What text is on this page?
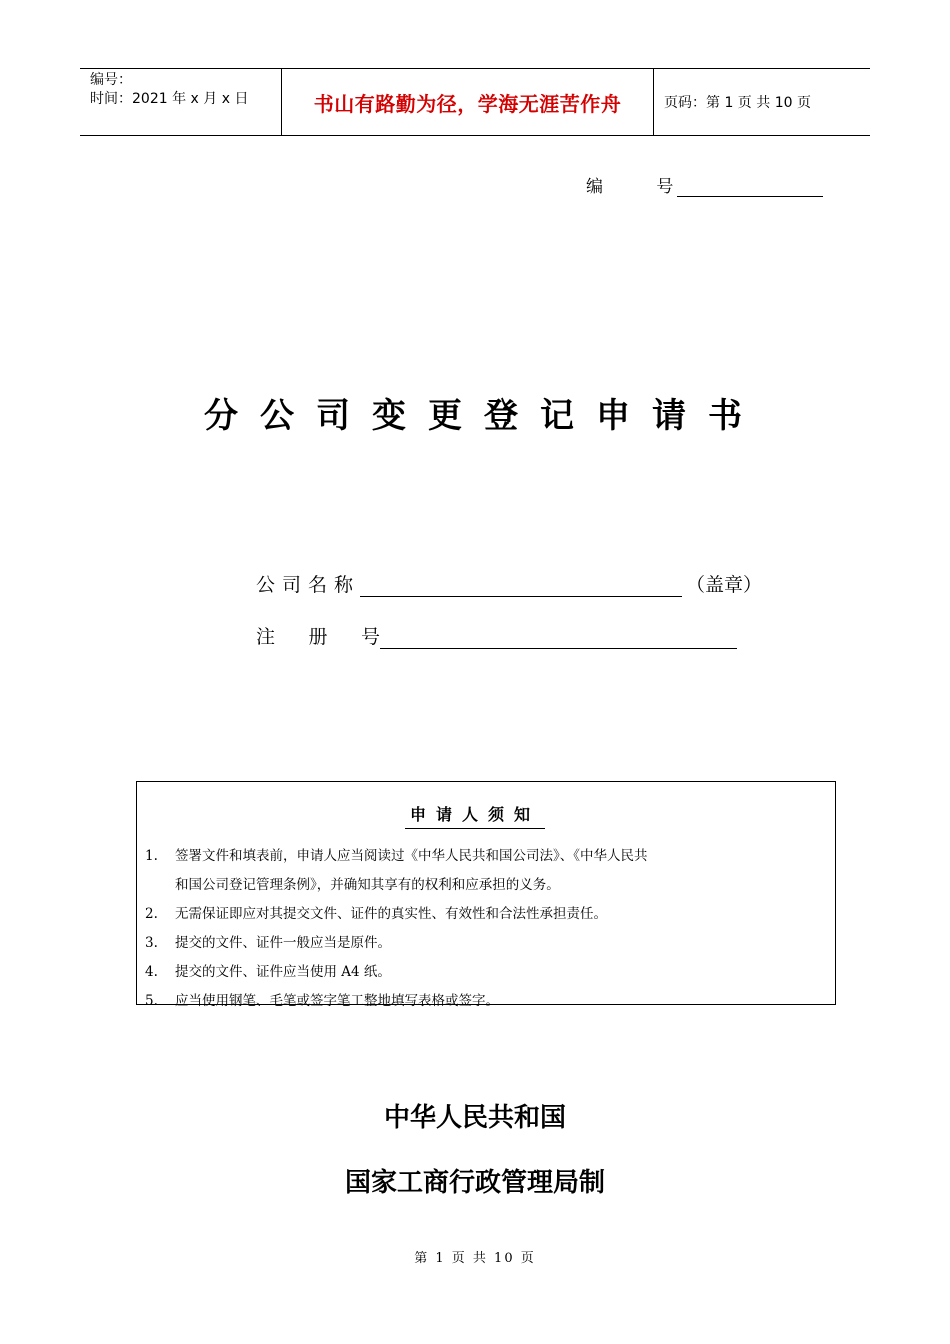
编号：
时间：2021 年 x 月 x 日	书山有路勤为径，学海无涯苦作舟	页码：第 1 页 共 10 页
编 号
分公司变更登记申请书
公司名称	（盖章）
注 册 号
申请人须知
1.	签署文件和填表前，申请人应当阅读过《中华人民共和国公司法》、《中华人民共
和国公司登记管理条例》，并确知其享有的权利和应承担的义务。
2.	无需保证即应对其提交文件、证件的真实性、有效性和合法性承担责任。
3.	提交的文件、证件一般应当是原件。
4.	提交的文件、证件应当使用 A4 纸。
5.	应当使用钢笔、毛笔或签字笔工整地填写表格或签字。
中华人民共和国
国家工商行政管理局制
第 1 页 共 10 页
